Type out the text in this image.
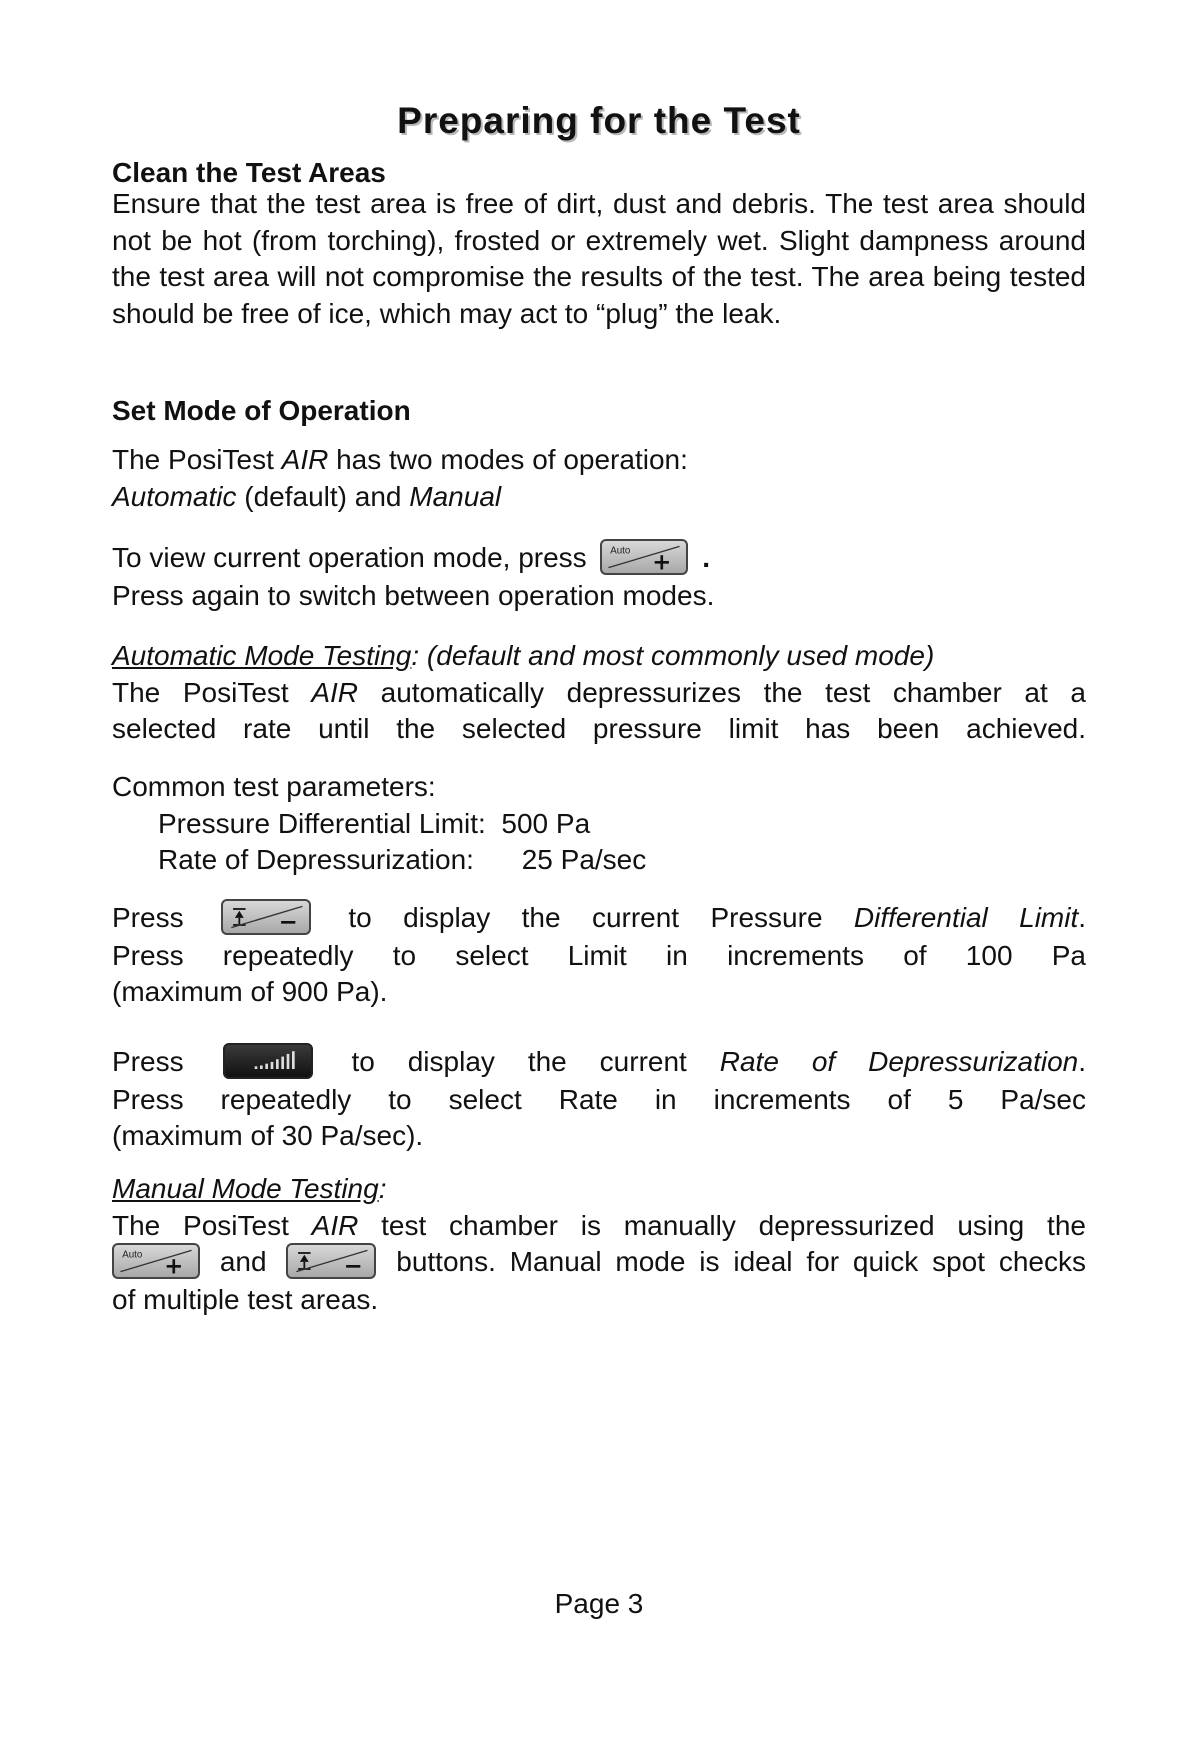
Preparing for the Test
Clean the Test Areas
Ensure that the test area is free of dirt, dust and debris. The test area should not be hot (from torching), frosted or extremely wet. Slight dampness around the test area will not compromise the results of the test. The area being tested should be free of ice, which may act to “plug” the leak.
Set Mode of Operation
The PosiTest AIR has two modes of operation:
Automatic (default) and Manual
To view current operation mode, press Auto	.
Press again to switch between operation modes.
Automatic Mode Testing: (default and most commonly used mode)
The PosiTest AIR automatically depressurizes the test chamber at a
selected rate until the selected pressure limit has been achieved.
Common test parameters:
Pressure Differential Limit: 500 Pa
Rate of Depressurization: 25 Pa/sec
Press	to display the current Pressure Differential Limit.
Press repeatedly to select Limit in increments of 100 Pa
(maximum of 900 Pa).
Press	to display the current Rate of Depressurization.
Press repeatedly to select Rate in increments of 5 Pa/sec
(maximum of 30 Pa/sec).
Manual Mode Testing:
The PosiTest AIR test chamber is manually depressurized using the
Auto	and	buttons. Manual mode is ideal for quick spot checks
of multiple test areas.
Page 3
